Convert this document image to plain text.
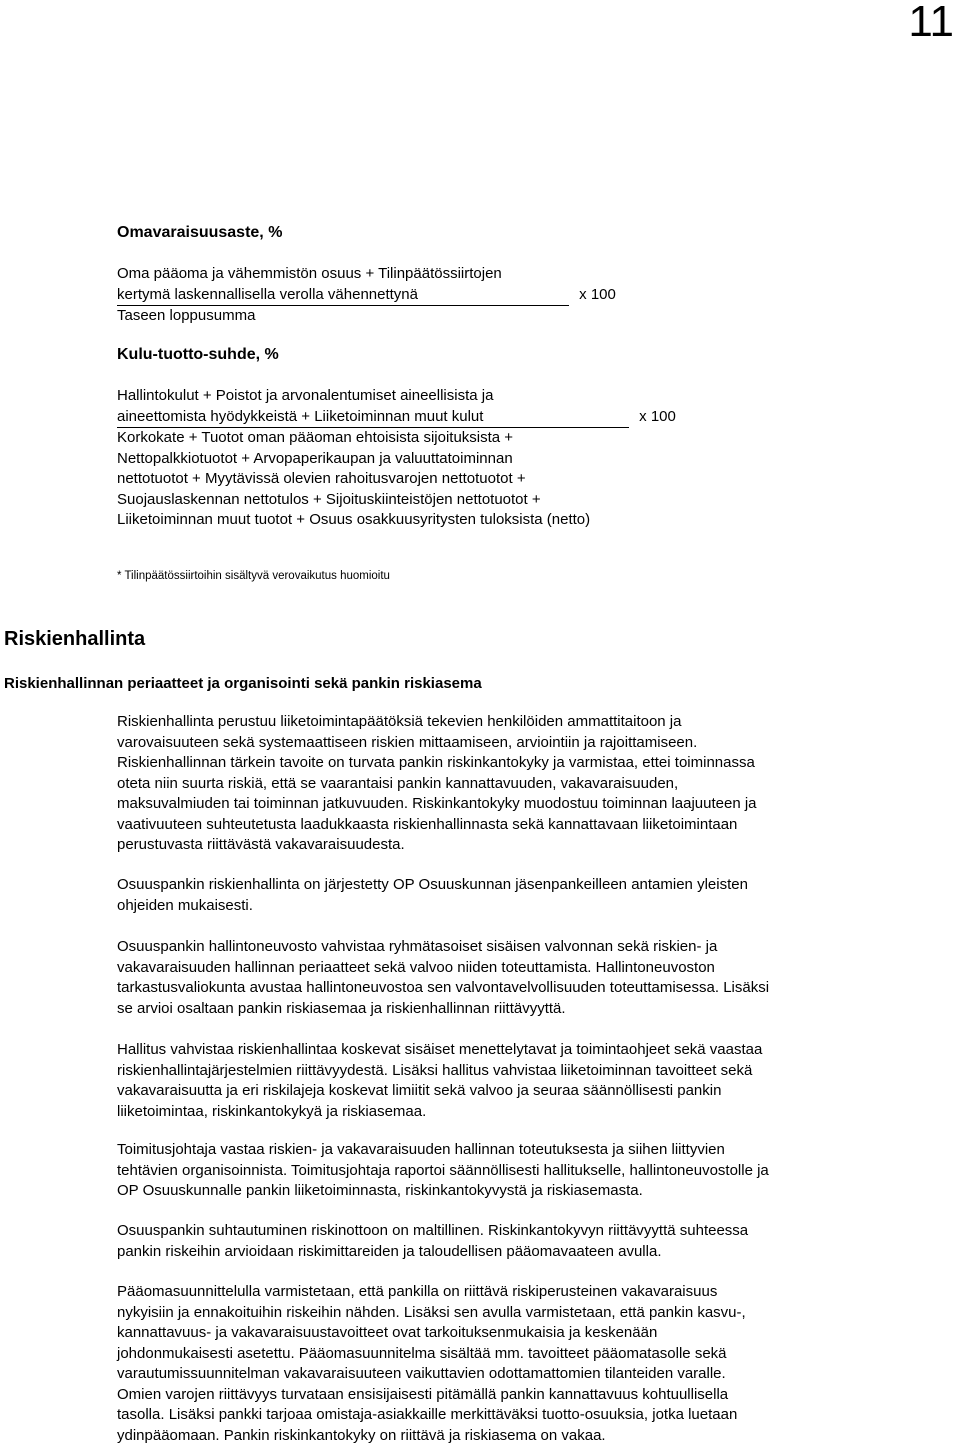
11
Omavaraisuusaste, %
Oma pääoma ja vähemmistön osuus + Tilinpäätössiirtojen
kertymä laskennallisella verolla vähennettynä	x 100
Taseen loppusumma
Kulu-tuotto-suhde, %
Hallintokulut + Poistot ja arvonalentumiset aineellisista ja
aineettomista hyödykkeistä + Liiketoiminnan muut kulut	x 100
Korkokate + Tuotot oman pääoman ehtoisista sijoituksista +
Nettopalkkiotuotot + Arvopaperikaupan ja valuuttatoiminnan
nettotuotot + Myytävissä olevien rahoitusvarojen nettotuotot +
Suojauslaskennan nettotulos + Sijoituskiinteistöjen nettotuotot +
Liiketoiminnan muut tuotot + Osuus osakkuusyritysten tuloksista (netto)
* Tilinpäätössiirtoihin sisältyvä verovaikutus huomioitu
Riskienhallinta
Riskienhallinnan periaatteet ja organisointi sekä pankin riskiasema
Riskienhallinta perustuu liiketoimintapäätöksiä tekevien henkilöiden ammattitaitoon ja
varovaisuuteen sekä systemaattiseen riskien mittaamiseen, arviointiin ja rajoittamiseen.
Riskienhallinnan tärkein tavoite on turvata pankin riskinkantokyky ja varmistaa, ettei toiminnassa
oteta niin suurta riskiä, että se vaarantaisi pankin kannattavuuden, vakavaraisuuden,
maksuvalmiuden tai toiminnan jatkuvuuden. Riskinkantokyky muodostuu toiminnan laajuuteen ja
vaativuuteen suhteutetusta laadukkaasta riskienhallinnasta sekä kannattavaan liiketoimintaan
perustuvasta riittävästä vakavaraisuudesta.
Osuuspankin riskienhallinta on järjestetty OP Osuuskunnan jäsenpankeilleen antamien yleisten
ohjeiden mukaisesti.
Osuuspankin hallintoneuvosto vahvistaa ryhmätasoiset sisäisen valvonnan sekä riskien- ja
vakavaraisuuden hallinnan periaatteet sekä valvoo niiden toteuttamista. Hallintoneuvoston
tarkastusvaliokunta avustaa hallintoneuvostoa sen valvontavelvollisuuden toteuttamisessa. Lisäksi
se arvioi osaltaan pankin riskiasemaa ja riskienhallinnan riittävyyttä.
Hallitus vahvistaa riskienhallintaa koskevat sisäiset menettelytavat ja toimintaohjeet sekä vaastaa
riskienhallintajärjestelmien riittävyydestä. Lisäksi hallitus vahvistaa liiketoiminnan tavoitteet sekä
vakavaraisuutta ja eri riskilajeja koskevat limiitit sekä valvoo ja seuraa säännöllisesti pankin
liiketoimintaa, riskinkantokykyä ja riskiasemaa.
Toimitusjohtaja vastaa riskien- ja vakavaraisuuden hallinnan toteutuksesta ja siihen liittyvien
tehtävien organisoinnista. Toimitusjohtaja raportoi säännöllisesti hallitukselle, hallintoneuvostolle ja
OP Osuuskunnalle pankin liiketoiminnasta, riskinkantokyvystä ja riskiasemasta.
Osuuspankin suhtautuminen riskinottoon on maltillinen. Riskinkantokyvyn riittävyyttä suhteessa
pankin riskeihin arvioidaan riskimittareiden ja taloudellisen pääomavaateen avulla.
Pääomasuunnittelulla varmistetaan, että pankilla on riittävä riskiperusteinen vakavaraisuus
nykyisiin ja ennakoituihin riskeihin nähden. Lisäksi sen avulla varmistetaan, että pankin kasvu-,
kannattavuus- ja vakavaraisuustavoitteet ovat tarkoituksenmukaisia ja keskenään
johdonmukaisesti asetettu. Pääomasuunnitelma sisältää mm. tavoitteet pääomatasolle sekä
varautumissuunnitelman vakavaraisuuteen vaikuttavien odottamattomien tilanteiden varalle.
Omien varojen riittävyys turvataan ensisijaisesti pitämällä pankin kannattavuus kohtuullisella
tasolla. Lisäksi pankki tarjoaa omistaja-asiakkaille merkittäväksi tuotto-osuuksia, jotka luetaan
ydinpääomaan. Pankin riskinkantokyky on riittävä ja riskiasema on vakaa.
